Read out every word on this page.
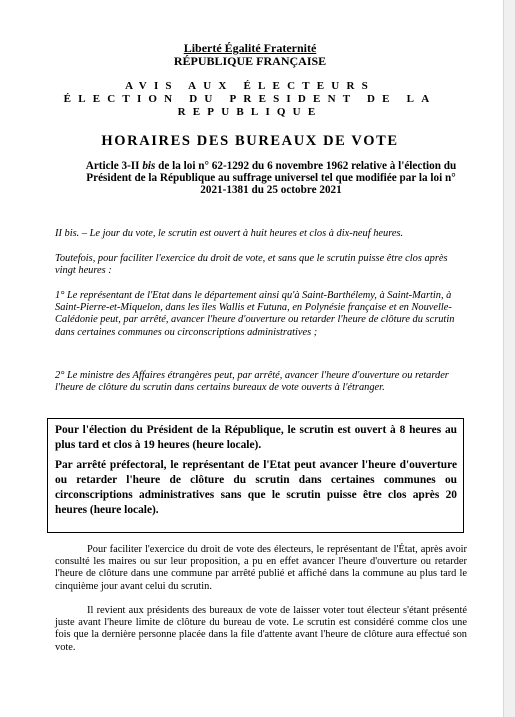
Liberté Égalité Fraternité
RÉPUBLIQUE FRANÇAISE
AVIS AUX ÉLECTEURS
ÉLECTION DU PRESIDENT DE LA
REPUBLIQUE
HORAIRES DES BUREAUX DE VOTE
Article 3-II bis de la loi n° 62-1292 du 6 novembre 1962 relative à l'élection du Président de la République au suffrage universel tel que modifiée par la loi n° 2021-1381 du 25 octobre 2021
II bis. – Le jour du vote, le scrutin est ouvert à huit heures et clos à dix-neuf heures.
Toutefois, pour faciliter l'exercice du droit de vote, et sans que le scrutin puisse être clos après vingt heures :
1° Le représentant de l'Etat dans le département ainsi qu'à Saint-Barthélemy, à Saint-Martin, à Saint-Pierre-et-Miquelon, dans les îles Wallis et Futuna, en Polynésie française et en Nouvelle-Calédonie peut, par arrêté, avancer l'heure d'ouverture ou retarder l'heure de clôture du scrutin dans certaines communes ou circonscriptions administratives ;
2° Le ministre des Affaires étrangères peut, par arrêté, avancer l'heure d'ouverture ou retarder l'heure de clôture du scrutin dans certains bureaux de vote ouverts à l'étranger.

Pour l'élection du Président de la République, le scrutin est ouvert à 8 heures au plus tard et clos à 19 heures (heure locale).

Par arrêté préfectoral, le représentant de l'Etat peut avancer l'heure d'ouverture ou retarder l'heure de clôture du scrutin dans certaines communes ou circonscriptions administratives sans que le scrutin puisse être clos après 20 heures (heure locale).

Pour faciliter l'exercice du droit de vote des électeurs, le représentant de l'État, après avoir consulté les maires ou sur leur proposition, a pu en effet avancer l'heure d'ouverture ou retarder l'heure de clôture dans une commune par arrêté publié et affiché dans la commune au plus tard le cinquième jour avant celui du scrutin.
Il revient aux présidents des bureaux de vote de laisser voter tout électeur s'étant présenté juste avant l'heure limite de clôture du bureau de vote. Le scrutin est considéré comme clos une fois que la dernière personne placée dans la file d'attente avant l'heure de clôture aura effectué son vote.
